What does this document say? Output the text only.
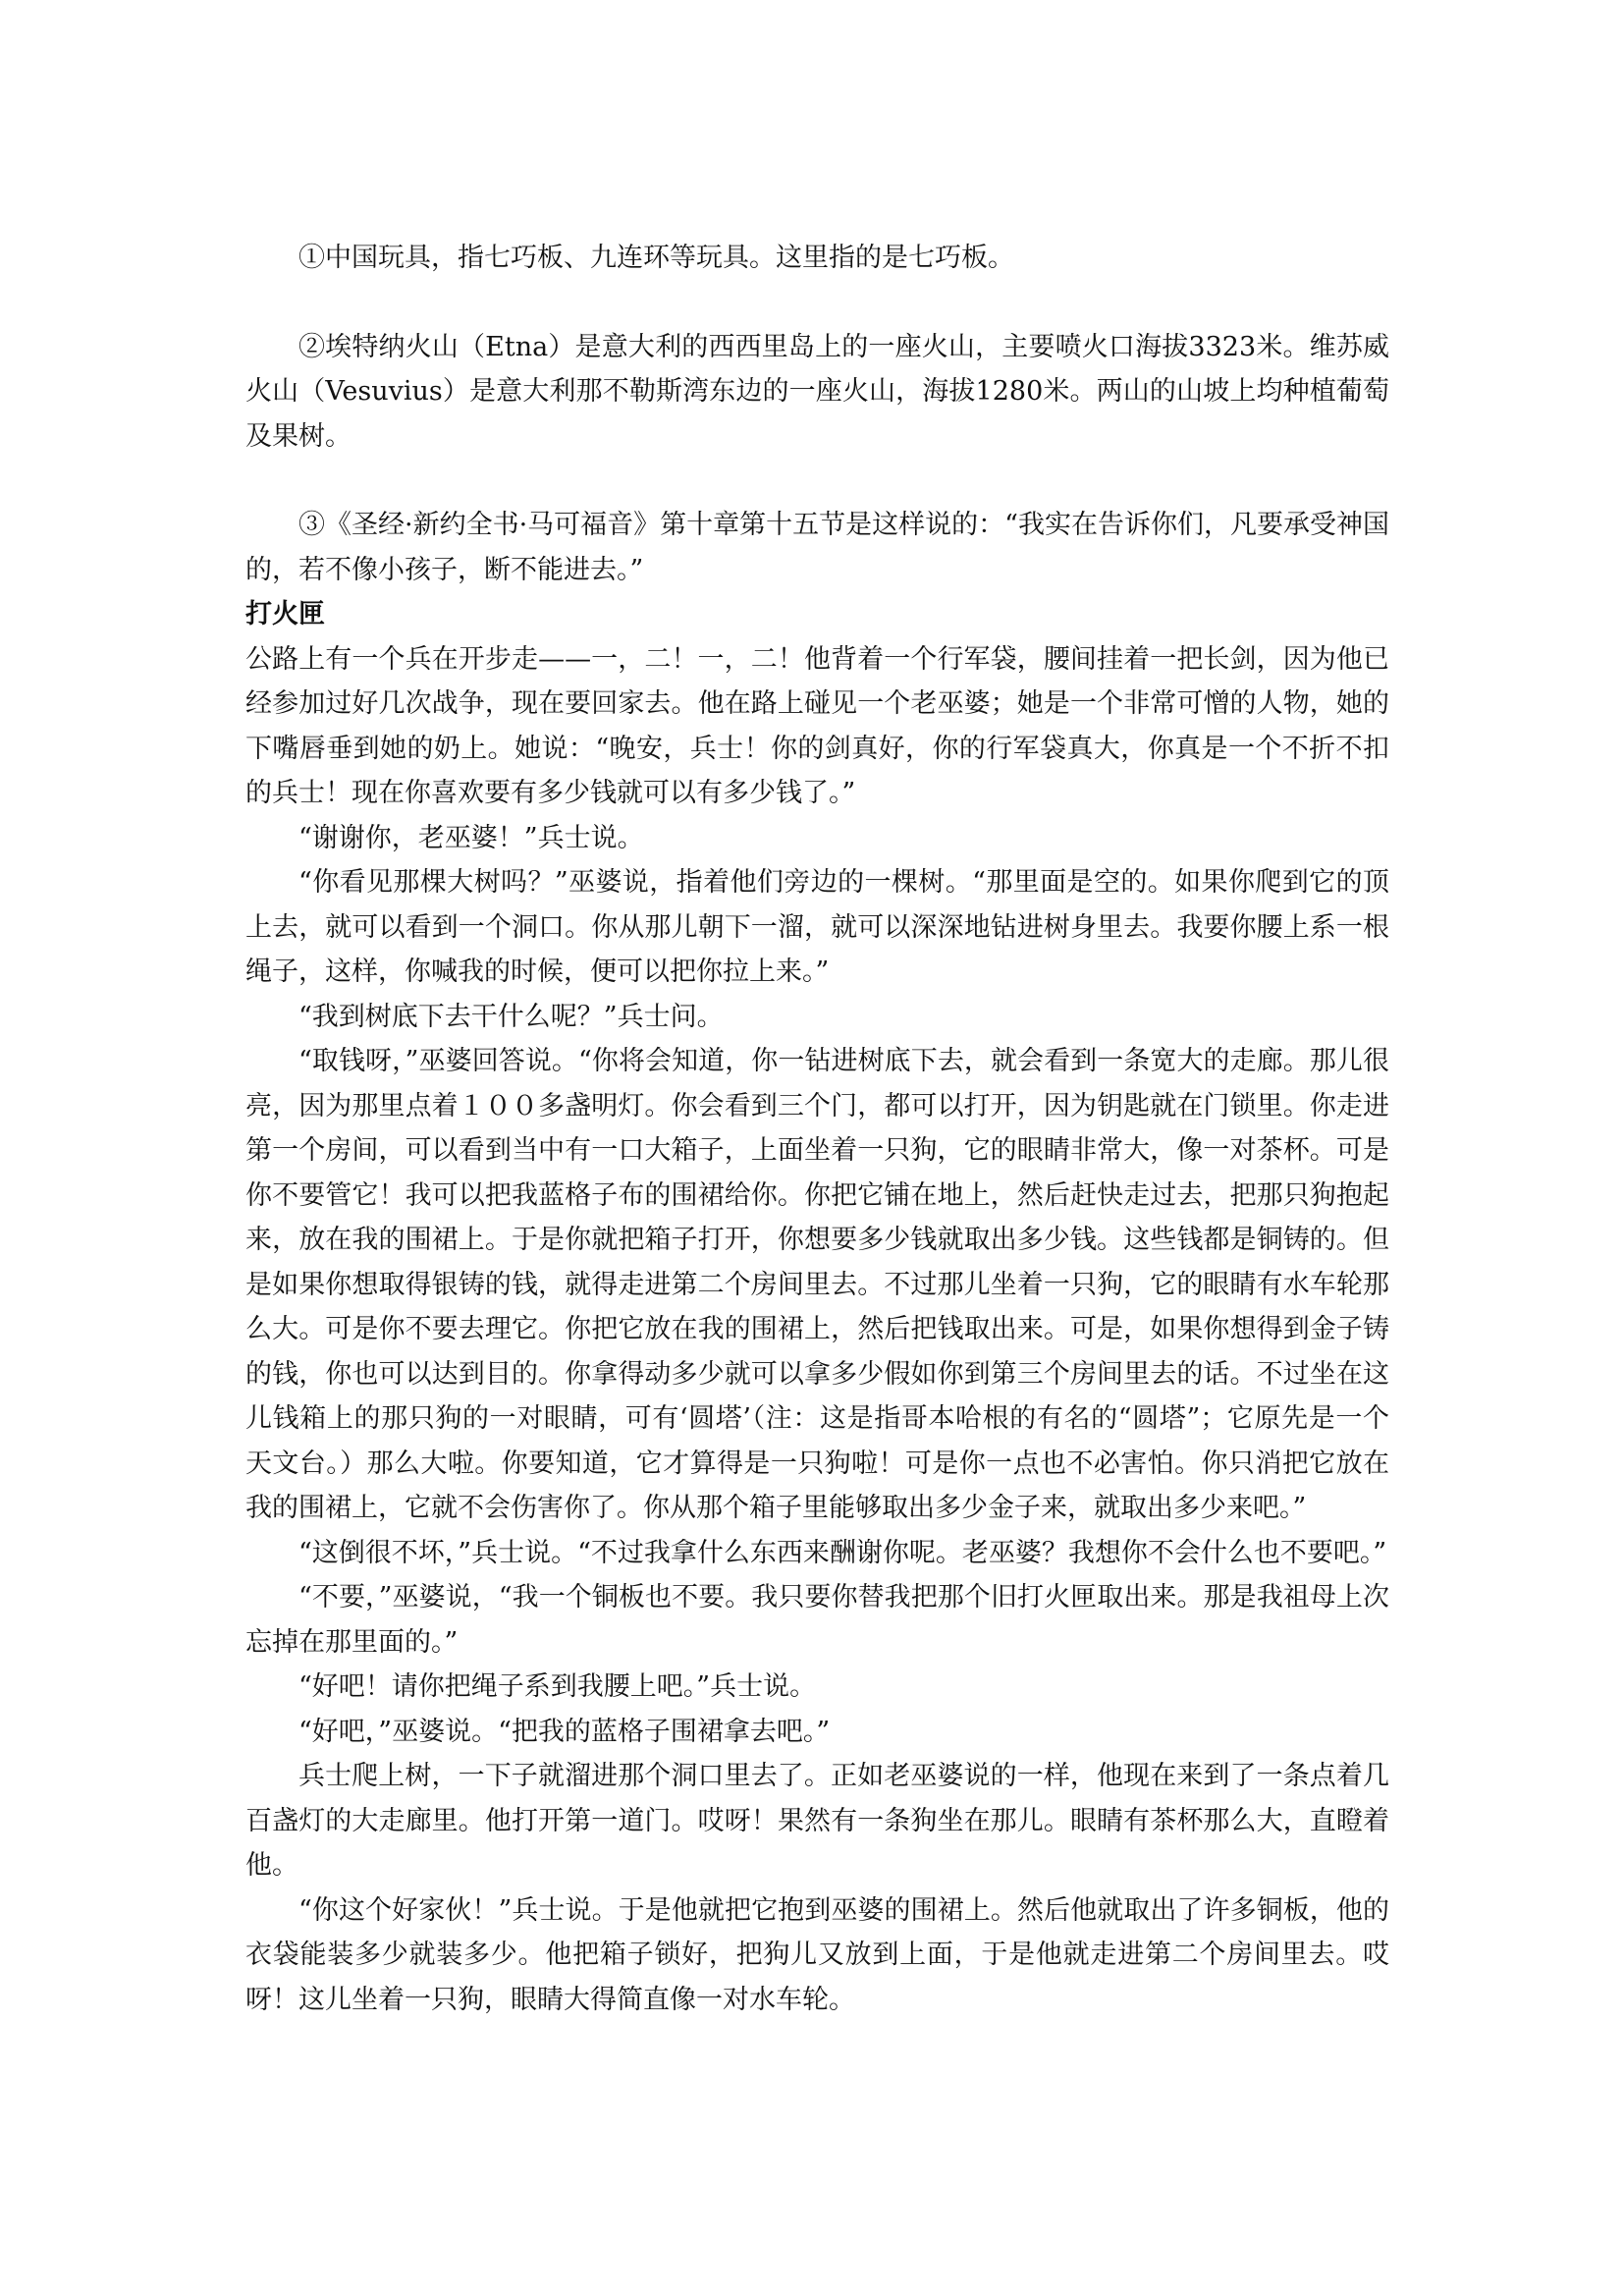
①中国玩具，指七巧板、九连环等玩具。这里指的是七巧板。

②埃特纳火山（Etna）是意大利的西西里岛上的一座火山，主要喷火口海拔3323米。维苏威火山（Vesuvius）是意大利那不勒斯湾东边的一座火山，海拔1280米。两山的山坡上均种植葡萄及果树。

③《圣经·新约全书·马可福音》第十章第十五节是这样说的：“我实在告诉你们，凡要承受神国的，若不像小孩子，断不能进去。”

打火匣

公路上有一个兵在开步走——一，二！一，二！他背着一个行军袋，腰间挂着一把长剑，因为他已经参加过好几次战争，现在要回家去。他在路上碰见一个老巫婆；她是一个非常可憎的人物，她的下嘴唇垂到她的奶上。她说：“晚安，兵士！你的剑真好，你的行军袋真大，你真是一个不折不扣的兵士！现在你喜欢要有多少钱就可以有多少钱了。”

“谢谢你，老巫婆！”兵士说。

“你看见那棵大树吗？”巫婆说，指着他们旁边的一棵树。“那里面是空的。如果你爬到它的顶上去，就可以看到一个洞口。你从那儿朝下一溜，就可以深深地钻进树身里去。我要你腰上系一根绳子，这样，你喊我的时候，便可以把你拉上来。”

“我到树底下去干什么呢？”兵士问。

“取钱呀，”巫婆回答说。“你将会知道，你一钻进树底下去，就会看到一条宽大的走廊。那儿很亮，因为那里点着１００多盏明灯。你会看到三个门，都可以打开，因为钥匙就在门锁里。你走进第一个房间，可以看到当中有一口大箱子，上面坐着一只狗，它的眼睛非常大，像一对茶杯。可是你不要管它！我可以把我蓝格子布的围裙给你。你把它铺在地上，然后赶快走过去，把那只狗抱起来，放在我的围裙上。于是你就把箱子打开，你想要多少钱就取出多少钱。这些钱都是铜铸的。但是如果你想取得银铸的钱，就得走进第二个房间里去。不过那儿坐着一只狗，它的眼睛有水车轮那么大。可是你不要去理它。你把它放在我的围裙上，然后把钱取出来。可是，如果你想得到金子铸的钱，你也可以达到目的。你拿得动多少就可以拿多少假如你到第三个房间里去的话。不过坐在这儿钱箱上的那只狗的一对眼睛，可有‘圆塔’（注：这是指哥本哈根的有名的“圆塔”；它原先是一个天文台。）那么大啦。你要知道，它才算得是一只狗啦！可是你一点也不必害怕。你只消把它放在我的围裙上，它就不会伤害你了。你从那个箱子里能够取出多少金子来，就取出多少来吧。”

“这倒很不坏，”兵士说。“不过我拿什么东西来酬谢你呢。老巫婆？我想你不会什么也不要吧。”

“不要，”巫婆说，“我一个铜板也不要。我只要你替我把那个旧打火匣取出来。那是我祖母上次忘掉在那里面的。”

“好吧！请你把绳子系到我腰上吧。”兵士说。

“好吧，”巫婆说。“把我的蓝格子围裙拿去吧。”

兵士爬上树，一下子就溜进那个洞口里去了。正如老巫婆说的一样，他现在来到了一条点着几百盏灯的大走廊里。他打开第一道门。哎呀！果然有一条狗坐在那儿。眼睛有茶杯那么大，直瞪着他。

“你这个好家伙！”兵士说。于是他就把它抱到巫婆的围裙上。然后他就取出了许多铜板，他的衣袋能装多少就装多少。他把箱子锁好，把狗儿又放到上面，于是他就走进第二个房间里去。哎呀！这儿坐着一只狗，眼睛大得简直像一对水车轮。
